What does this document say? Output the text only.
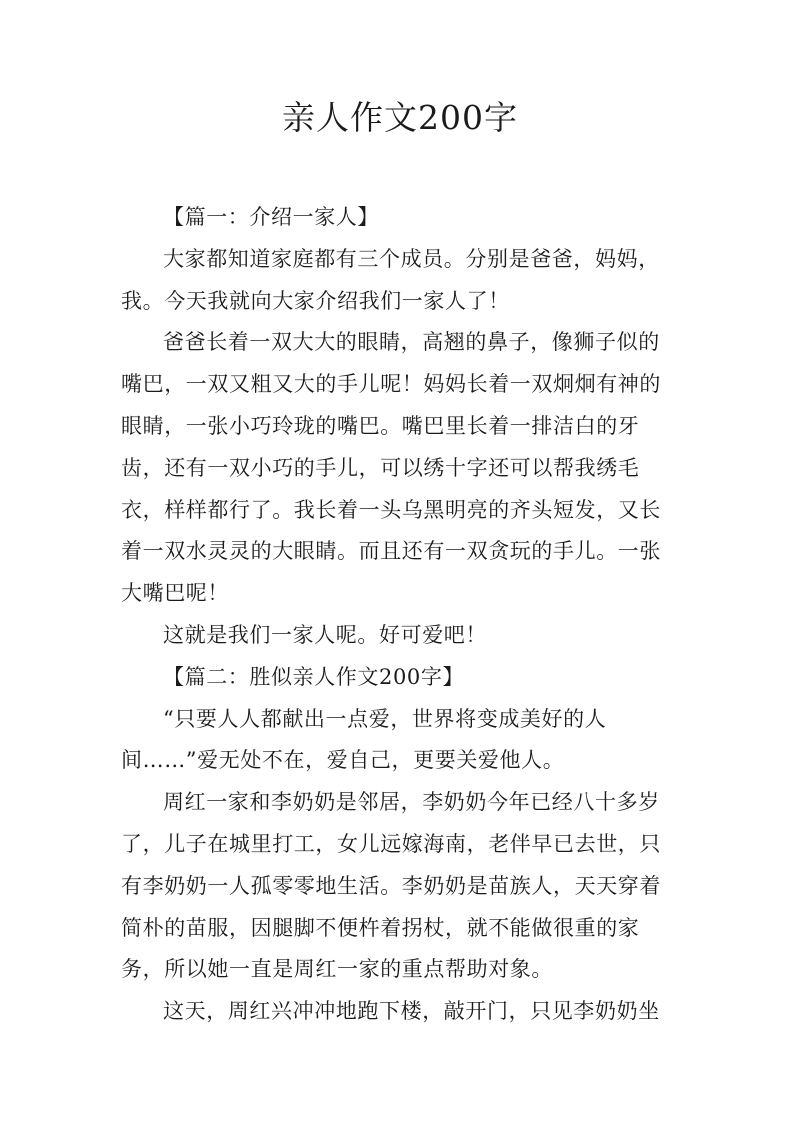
亲人作文200字

【篇一：介绍一家人】

大家都知道家庭都有三个成员。分别是爸爸，妈妈，我。今天我就向大家介绍我们一家人了！

爸爸长着一双大大的眼睛，高翘的鼻子，像狮子似的嘴巴，一双又粗又大的手儿呢！妈妈长着一双炯炯有神的眼睛，一张小巧玲珑的嘴巴。嘴巴里长着一排洁白的牙齿，还有一双小巧的手儿，可以绣十字还可以帮我绣毛衣，样样都行了。我长着一头乌黑明亮的齐头短发，又长着一双水灵灵的大眼睛。而且还有一双贪玩的手儿。一张大嘴巴呢！

这就是我们一家人呢。好可爱吧！

【篇二：胜似亲人作文200字】

“只要人人都献出一点爱，世界将变成美好的人间……”爱无处不在，爱自己，更要关爱他人。

周红一家和李奶奶是邻居，李奶奶今年已经八十多岁了，儿子在城里打工，女儿远嫁海南，老伴早已去世，只有李奶奶一人孤零零地生活。李奶奶是苗族人，天天穿着简朴的苗服，因腿脚不便杵着拐杖，就不能做很重的家务，所以她一直是周红一家的重点帮助对象。

这天，周红兴冲冲地跑下楼，敲开门，只见李奶奶坐
